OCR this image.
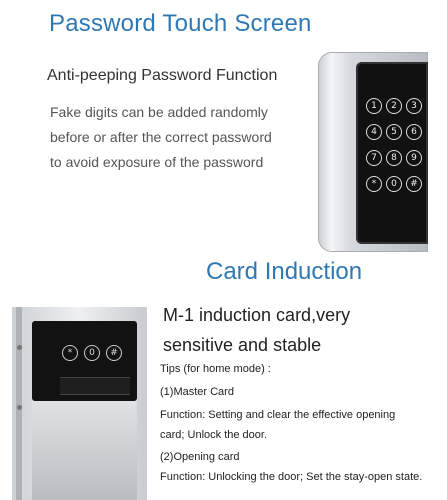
Password Touch Screen
Anti-peeping Password Function
Fake digits can be added randomly
before or after the correct password
to avoid exposure of the password
1	2	3
4	5	6
7	8	9
*	0	#
Card Induction
*	0	#
M-1 induction card,very
sensitive and stable
Tips (for home mode) :
(1)Master Card
Function: Setting and clear the effective opening
card; Unlock the door.
(2)Opening card
Function: Unlocking the door; Set the stay-open state.
